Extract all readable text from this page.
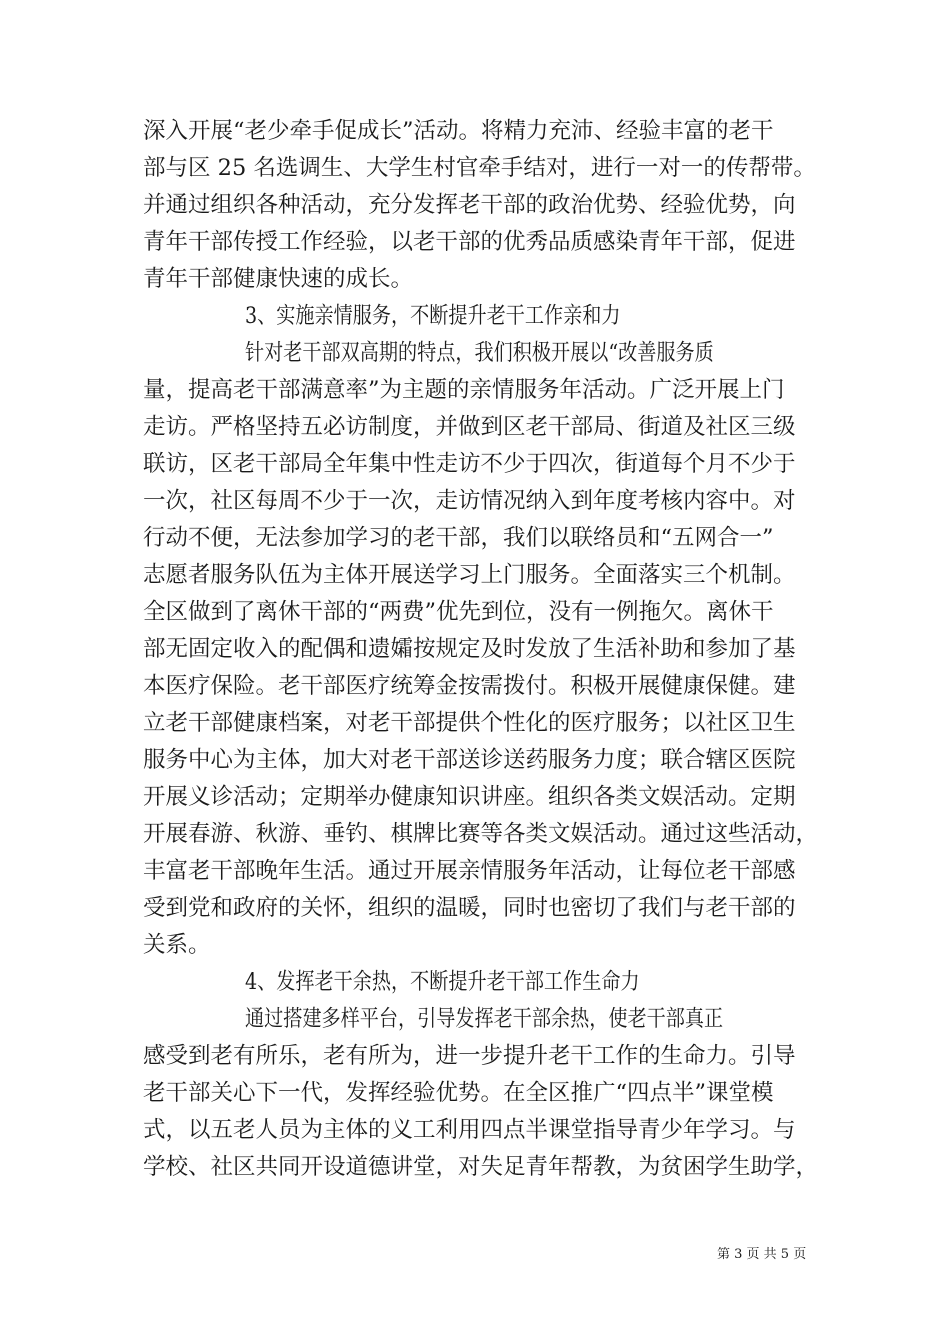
深入开展“老少牵手促成长”活动。将精力充沛、经验丰富的老干
部与区 25 名选调生、大学生村官牵手结对，进行一对一的传帮带。
并通过组织各种活动，充分发挥老干部的政治优势、经验优势，向
青年干部传授工作经验，以老干部的优秀品质感染青年干部，促进
青年干部健康快速的成长。
3、实施亲情服务，不断提升老干工作亲和力
针对老干部双高期的特点，我们积极开展以“改善服务质
量，提高老干部满意率”为主题的亲情服务年活动。广泛开展上门
走访。严格坚持五必访制度，并做到区老干部局、街道及社区三级
联访，区老干部局全年集中性走访不少于四次，街道每个月不少于
一次，社区每周不少于一次，走访情况纳入到年度考核内容中。对
行动不便，无法参加学习的老干部，我们以联络员和“五网合一”
志愿者服务队伍为主体开展送学习上门服务。全面落实三个机制。
全区做到了离休干部的“两费”优先到位，没有一例拖欠。离休干
部无固定收入的配偶和遗孀按规定及时发放了生活补助和参加了基
本医疗保险。老干部医疗统筹金按需拨付。积极开展健康保健。建
立老干部健康档案，对老干部提供个性化的医疗服务；以社区卫生
服务中心为主体，加大对老干部送诊送药服务力度；联合辖区医院
开展义诊活动；定期举办健康知识讲座。组织各类文娱活动。定期
开展春游、秋游、垂钓、棋牌比赛等各类文娱活动。通过这些活动，
丰富老干部晚年生活。通过开展亲情服务年活动，让每位老干部感
受到党和政府的关怀，组织的温暖，同时也密切了我们与老干部的
关系。
4、发挥老干余热，不断提升老干部工作生命力
通过搭建多样平台，引导发挥老干部余热，使老干部真正
感受到老有所乐，老有所为，进一步提升老干工作的生命力。引导
老干部关心下一代，发挥经验优势。在全区推广“四点半”课堂模
式，以五老人员为主体的义工利用四点半课堂指导青少年学习。与
学校、社区共同开设道德讲堂，对失足青年帮教，为贫困学生助学，
第 3 页 共 5 页
